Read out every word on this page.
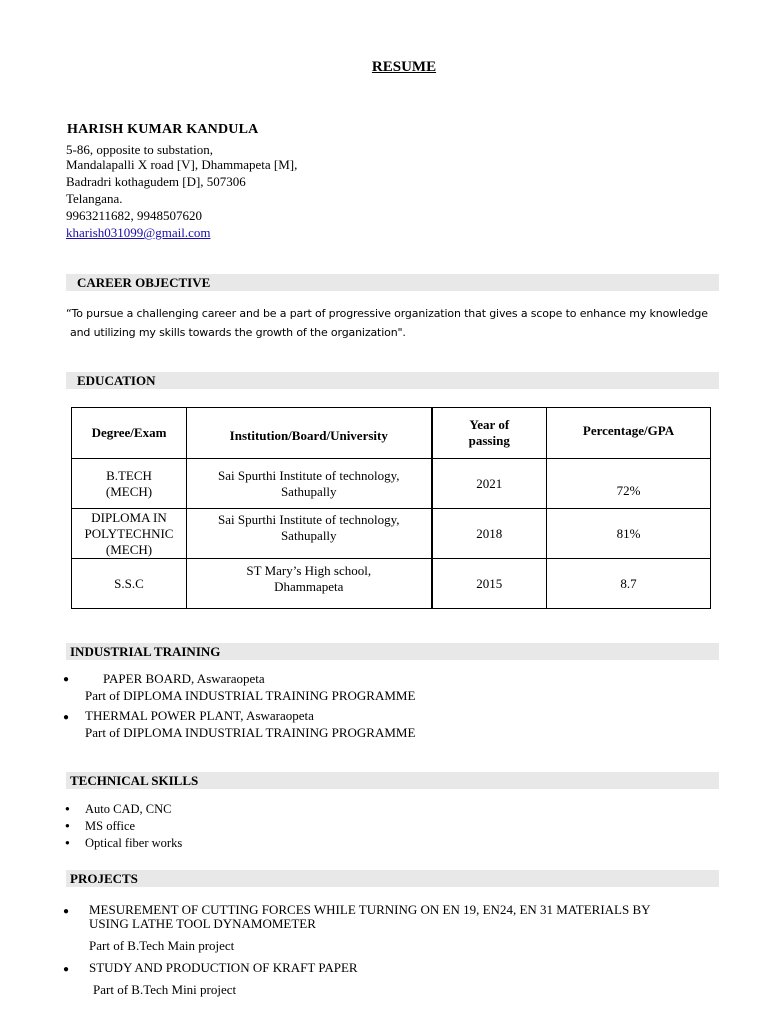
RESUME
HARISH KUMAR KANDULA
5-86, opposite to substation,
Mandalapalli X road [V], Dhammapeta [M],
Badradri kothagudem [D], 507306
Telangana.
9963211682, 9948507620
kharish031099@gmail.com
CAREER OBJECTIVE
“To pursue a challenging career and be a part of progressive organization that gives a scope to enhance my knowledge
and utilizing my skills towards the growth of the organization".
EDUCATION
Degree/Exam	Institution/Board/University	Year of passing	Percentage/GPA
B.TECH (MECH)	Sai Spurthi Institute of technology, Sathupally	2021	72%
DIPLOMA IN POLYTECHNIC (MECH)	Sai Spurthi Institute of technology, Sathupally	2018	81%
S.S.C	ST Mary’s High school, Dhammapeta	2015	8.7
INDUSTRIAL TRAINING
●	PAPER BOARD, Aswaraopeta
Part of DIPLOMA INDUSTRIAL TRAINING PROGRAMME
● THERMAL POWER PLANT, Aswaraopeta
Part of DIPLOMA INDUSTRIAL TRAINING PROGRAMME
TECHNICAL SKILLS
● Auto CAD, CNC
● MS office
● Optical fiber works
PROJECTS
● MESUREMENT OF CUTTING FORCES WHILE TURNING ON EN 19, EN24, EN 31 MATERIALS BY
USING LATHE TOOL DYNAMOMETER
Part of B.Tech Main project
● STUDY AND PRODUCTION OF KRAFT PAPER
Part of B.Tech Mini project
